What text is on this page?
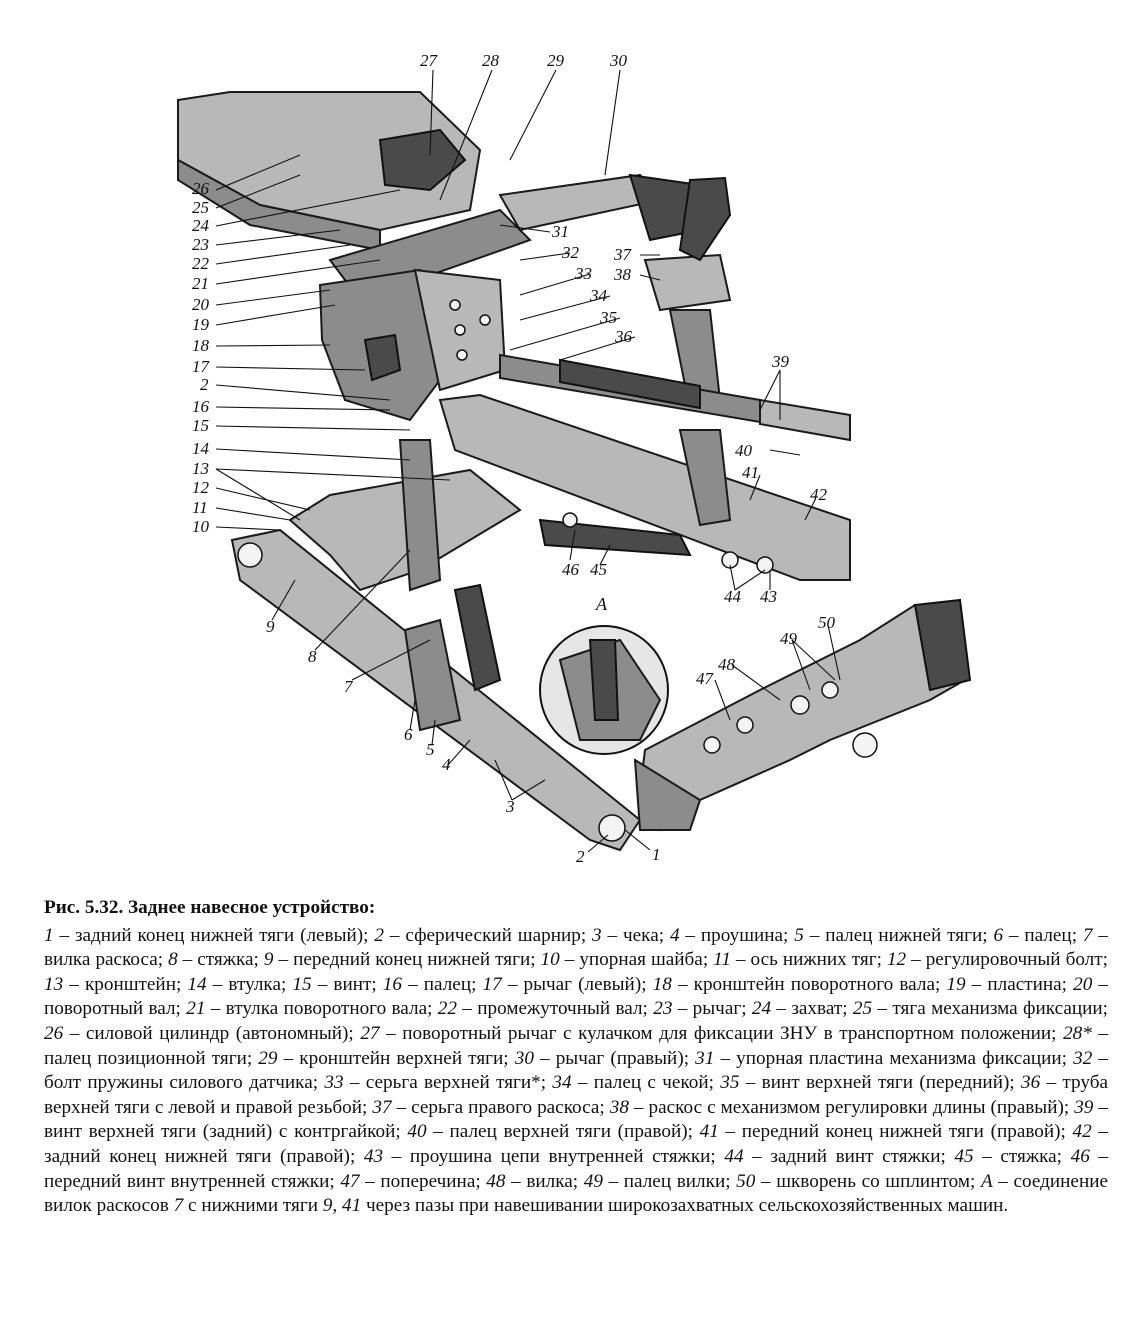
27	28	29	30
26
25
24
23
22
21
20
19
18
17
2
16
15
14
13
12
11
10
31
32
33
34
35
36
37
38
39
40
41
42
46 45
44 43
9
8
7
6
5
4
3
2	1
47
48
49
50
A
Рис. 5.32. Заднее навесное устройство:
1 – задний конец нижней тяги (левый); 2 – сферический шарнир; 3 – чека; 4 – проушина; 5 – палец нижней тяги; 6 – палец; 7 – вилка раскоса; 8 – стяжка; 9 – передний конец нижней тяги; 10 – упорная шайба; 11 – ось нижних тяг; 12 – регулировочный болт; 13 – кронштейн; 14 – втулка; 15 – винт; 16 – палец; 17 – рычаг (левый); 18 – кронштейн поворотного вала; 19 – пластина; 20 – поворотный вал; 21 – втулка поворотного вала; 22 – промежуточный вал; 23 – рычаг; 24 – захват; 25 – тяга механизма фиксации; 26 – силовой цилиндр (автономный); 27 – поворотный рычаг с кулачком для фиксации ЗНУ в транспортном положении; 28* – палец позиционной тяги; 29 – кронштейн верхней тяги; 30 – рычаг (правый); 31 – упорная пластина механизма фиксации; 32 – болт пружины силового датчика; 33 – серьга верхней тяги*; 34 – палец с чекой; 35 – винт верхней тяги (передний); 36 – труба верхней тяги с левой и правой резьбой; 37 – серьга правого раскоса; 38 – раскос с механизмом регулировки длины (правый); 39 – винт верхней тяги (задний) с контргайкой; 40 – палец верхней тяги (правой); 41 – передний конец нижней тяги (правой); 42 – задний конец нижней тяги (правой); 43 – проушина цепи внутренней стяжки; 44 – задний винт стяжки; 45 – стяжка; 46 – передний винт внутренней стяжки; 47 – поперечина; 48 – вилка; 49 – палец вилки; 50 – шкворень со шплинтом; А – соединение вилок раскосов 7 с нижними тяги 9, 41 через пазы при навешивании широкозахватных сельскохозяйственных машин.
